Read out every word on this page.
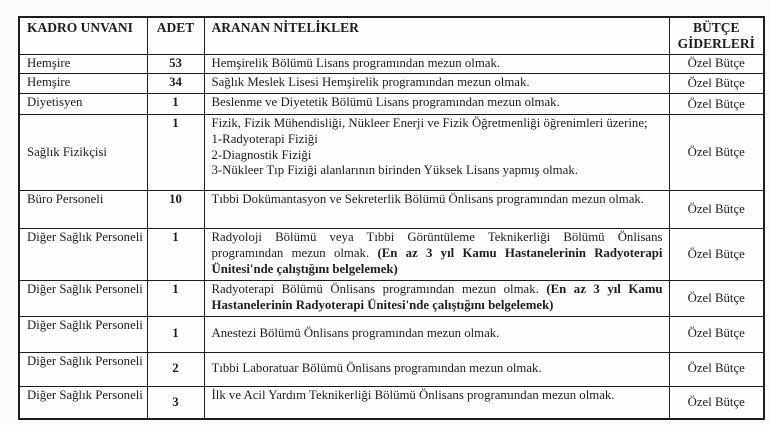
KADRO UNVANI	ADET	ARANAN NİTELİKLER	BÜTÇE GİDERLERİ
Hemşire	53	Hemşirelik Bölümü Lisans programından mezun olmak.	Özel Bütçe
Hemşire	34	Sağlık Meslek Lisesi Hemşirelik programından mezun olmak.	Özel Bütçe
Diyetisyen	1	Beslenme ve Diyetetik Bölümü Lisans programından mezun olmak.	Özel Bütçe
Sağlık Fizikçisi	1	Fizik, Fizik Mühendisliği, Nükleer Enerji ve Fizik Öğretmenliği öğrenimleri üzerine;
1-Radyoterapi Fiziği
2-Diagnostik Fiziği
3-Nükleer Tıp Fiziği alanlarının birinden Yüksek Lisans yapmış olmak.	Özel Bütçe
Büro Personeli	10	Tıbbi Dokümantasyon ve Sekreterlik Bölümü Önlisans programından mezun olmak.	Özel Bütçe
Diğer Sağlık Personeli	1	Radyoloji Bölümü veya Tıbbi Görüntüleme Teknikerliği Bölümü Önlisans programından mezun olmak. (En az 3 yıl Kamu Hastanelerinin Radyoterapi Ünitesi'nde çalıştığını belgelemek)	Özel Bütçe
Diğer Sağlık Personeli	1	Radyoterapi Bölümü Önlisans programından mezun olmak. (En az 3 yıl Kamu Hastanelerinin Radyoterapi Ünitesi'nde çalıştığını belgelemek)	Özel Bütçe
Diğer Sağlık Personeli	1	Anestezi Bölümü Önlisans programından mezun olmak.	Özel Bütçe
Diğer Sağlık Personeli	2	Tıbbi Laboratuar Bölümü Önlisans programından mezun olmak.	Özel Bütçe
Diğer Sağlık Personeli	3	İlk ve Acil Yardım Teknikerliği Bölümü Önlisans programından mezun olmak.	Özel Bütçe
